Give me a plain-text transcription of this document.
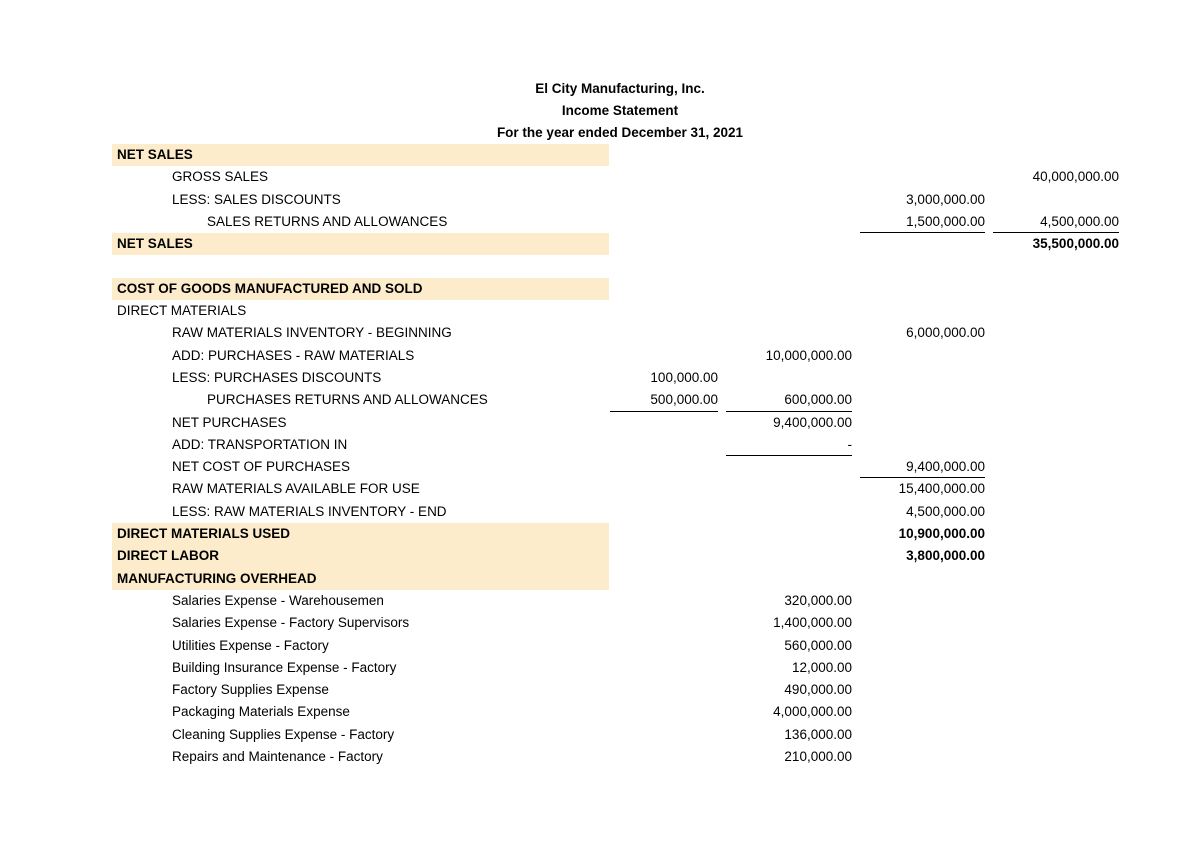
El City Manufacturing, Inc.
Income Statement
For the year ended December 31, 2021
NET SALES
GROSS SALES	40,000,000.00
LESS: SALES DISCOUNTS	3,000,000.00
SALES RETURNS AND ALLOWANCES	1,500,000.00	4,500,000.00
NET SALES	35,500,000.00
COST OF GOODS MANUFACTURED AND SOLD
DIRECT MATERIALS
RAW MATERIALS INVENTORY - BEGINNING	6,000,000.00
ADD: PURCHASES - RAW MATERIALS	10,000,000.00
LESS: PURCHASES DISCOUNTS	100,000.00
PURCHASES RETURNS AND ALLOWANCES	500,000.00	600,000.00
NET PURCHASES	9,400,000.00
ADD: TRANSPORTATION IN	-
NET COST OF PURCHASES	9,400,000.00
RAW MATERIALS AVAILABLE FOR USE	15,400,000.00
LESS: RAW MATERIALS INVENTORY - END	4,500,000.00
DIRECT MATERIALS USED	10,900,000.00
DIRECT LABOR	3,800,000.00
MANUFACTURING OVERHEAD
Salaries Expense - Warehousemen	320,000.00
Salaries Expense - Factory Supervisors	1,400,000.00
Utilities Expense - Factory	560,000.00
Building Insurance Expense - Factory	12,000.00
Factory Supplies Expense	490,000.00
Packaging Materials Expense	4,000,000.00
Cleaning Supplies Expense - Factory	136,000.00
Repairs and Maintenance - Factory	210,000.00
